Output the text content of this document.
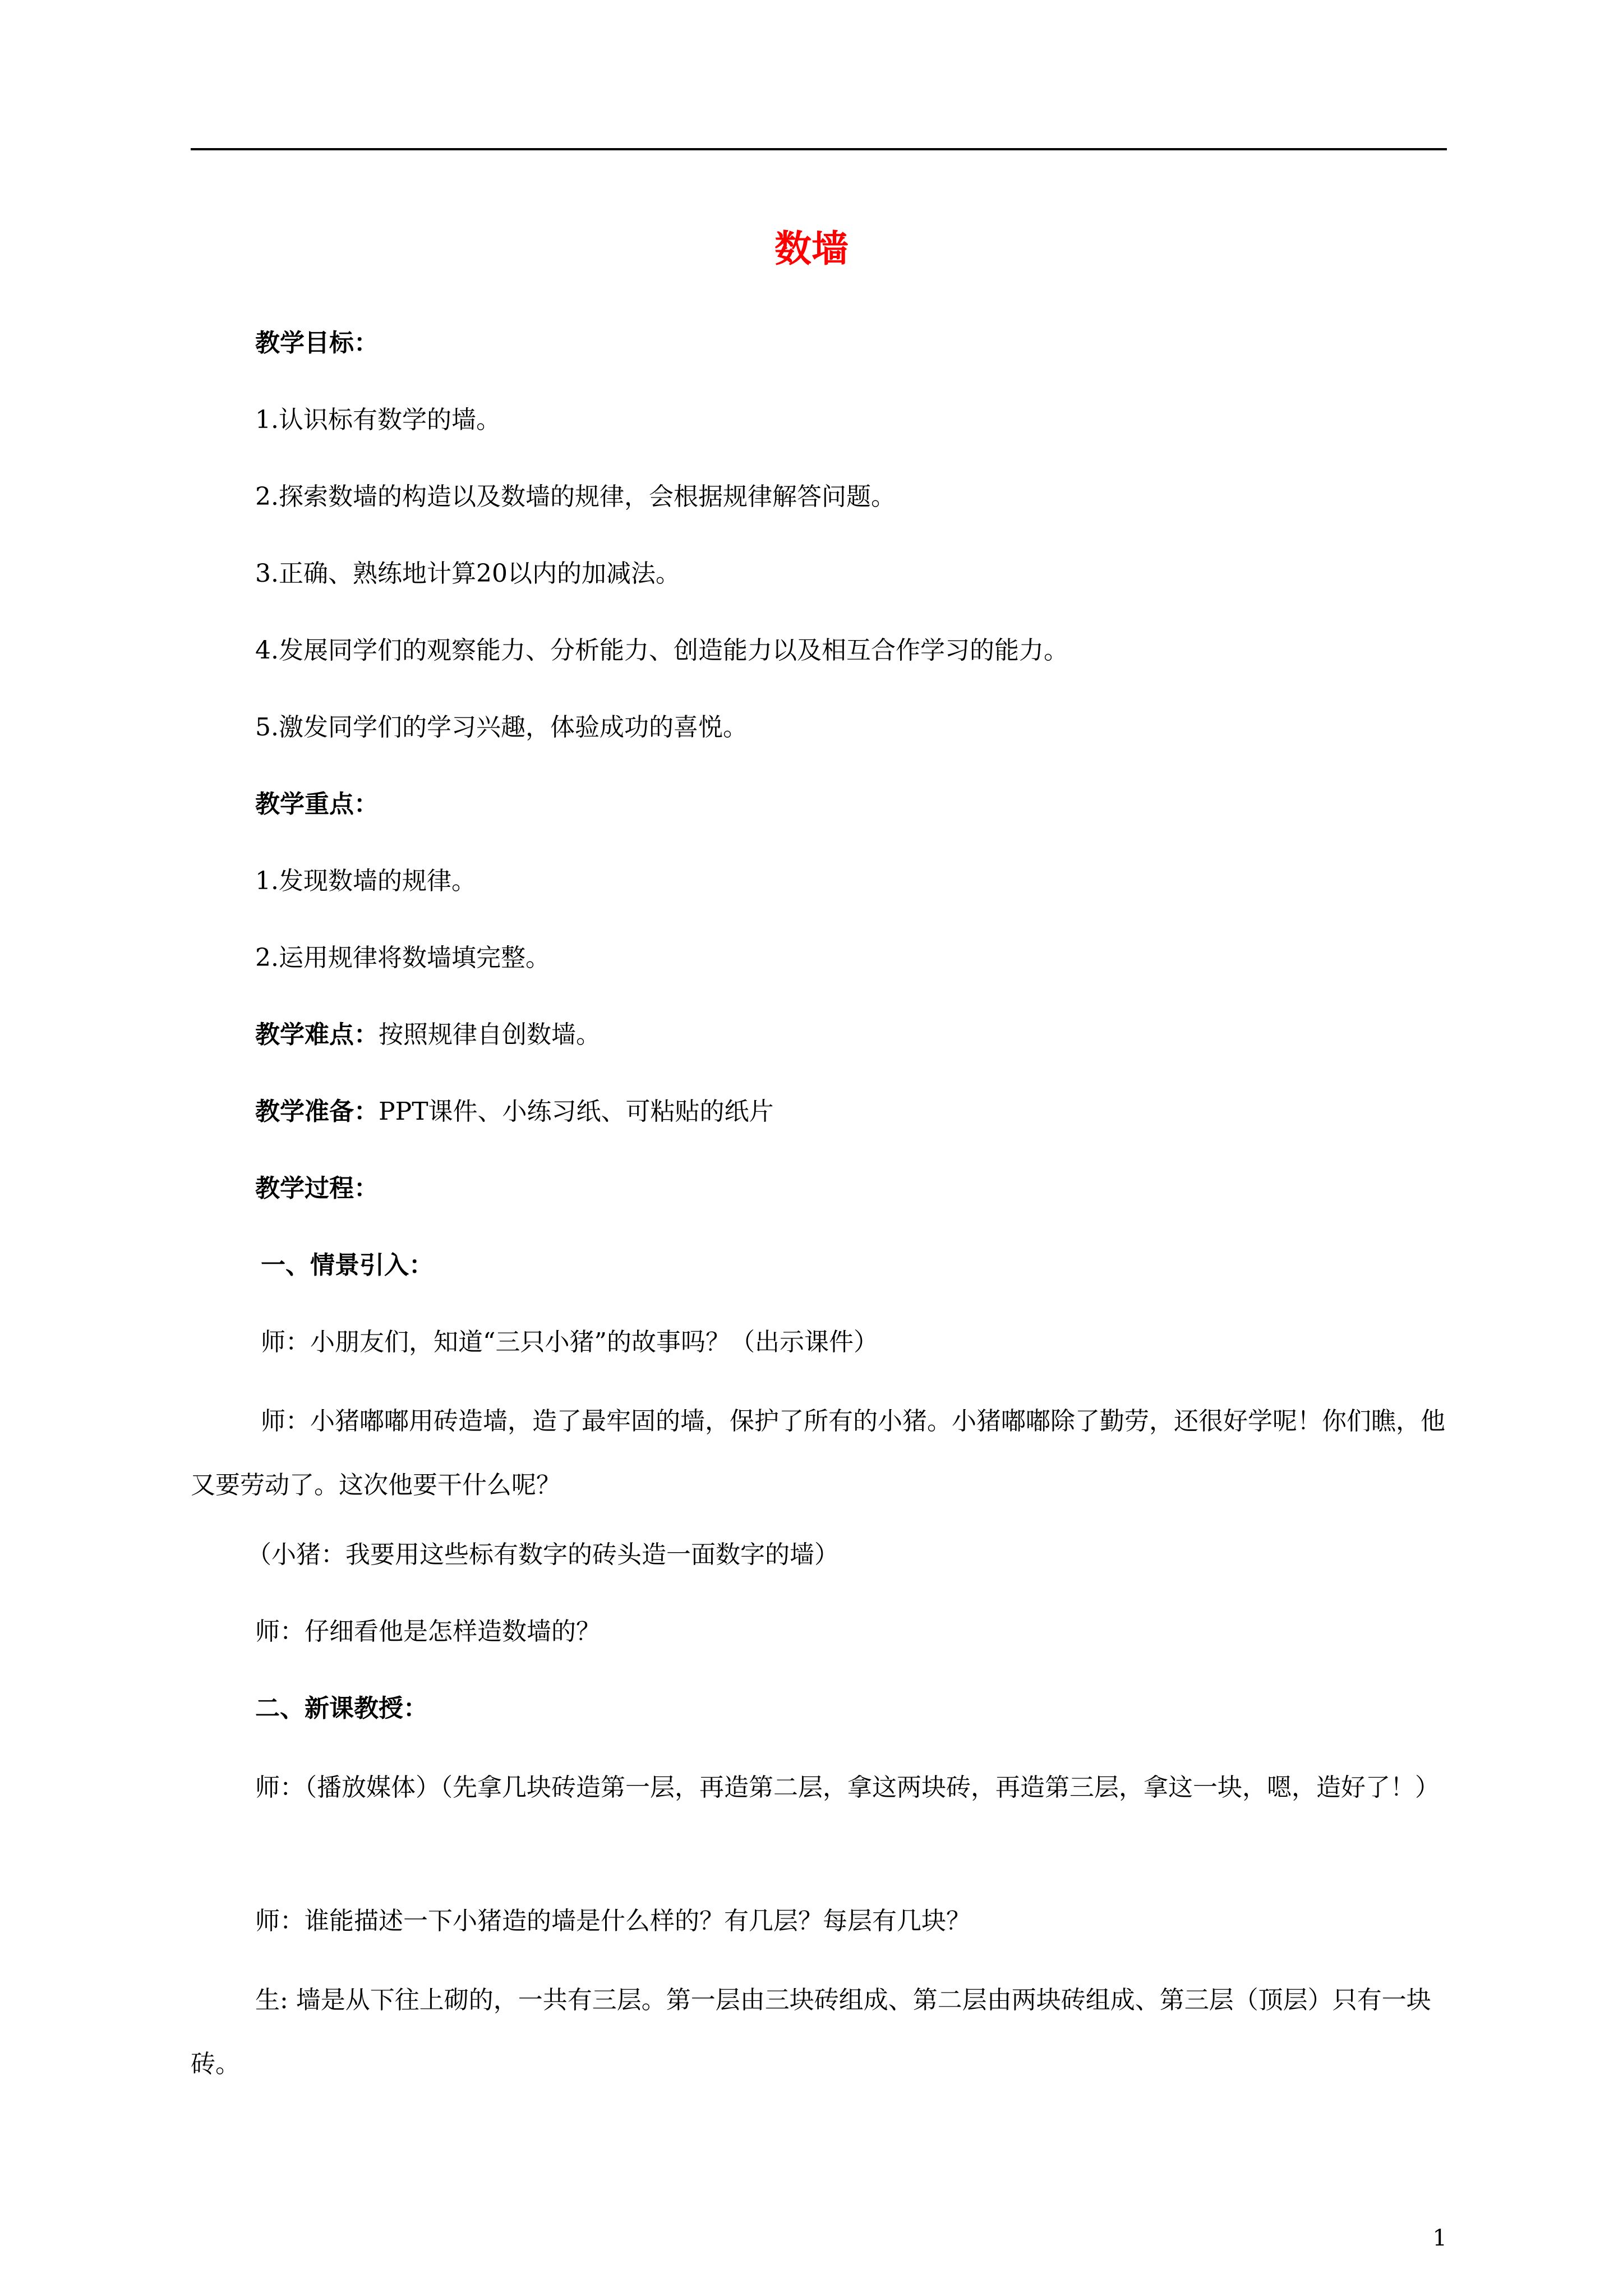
数墙
教学目标：
1.认识标有数学的墙。
2.探索数墙的构造以及数墙的规律，会根据规律解答问题。
3.正确、熟练地计算20以内的加减法。
4.发展同学们的观察能力、分析能力、创造能力以及相互合作学习的能力。
5.激发同学们的学习兴趣，体验成功的喜悦。
教学重点：
1.发现数墙的规律。
2.运用规律将数墙填完整。
教学难点：按照规律自创数墙。
教学准备：PPT课件、小练习纸、可粘贴的纸片
教学过程：
一、情景引入：
师：小朋友们，知道“三只小猪”的故事吗？（出示课件）
师：小猪嘟嘟用砖造墙，造了最牢固的墙，保护了所有的小猪。小猪嘟嘟除了勤劳，还很好学呢！你们瞧，他又要劳动了。这次他要干什么呢？
（小猪：我要用这些标有数字的砖头造一面数字的墙）
师：仔细看他是怎样造数墙的？
二、新课教授：
师：（播放媒体）（先拿几块砖造第一层，再造第二层，拿这两块砖，再造第三层，拿这一块，嗯，造好了！）
师：谁能描述一下小猪造的墙是什么样的？有几层？每层有几块？
生: 墙是从下往上砌的，一共有三层。第一层由三块砖组成、第二层由两块砖组成、第三层（顶层）只有一块砖。
1
